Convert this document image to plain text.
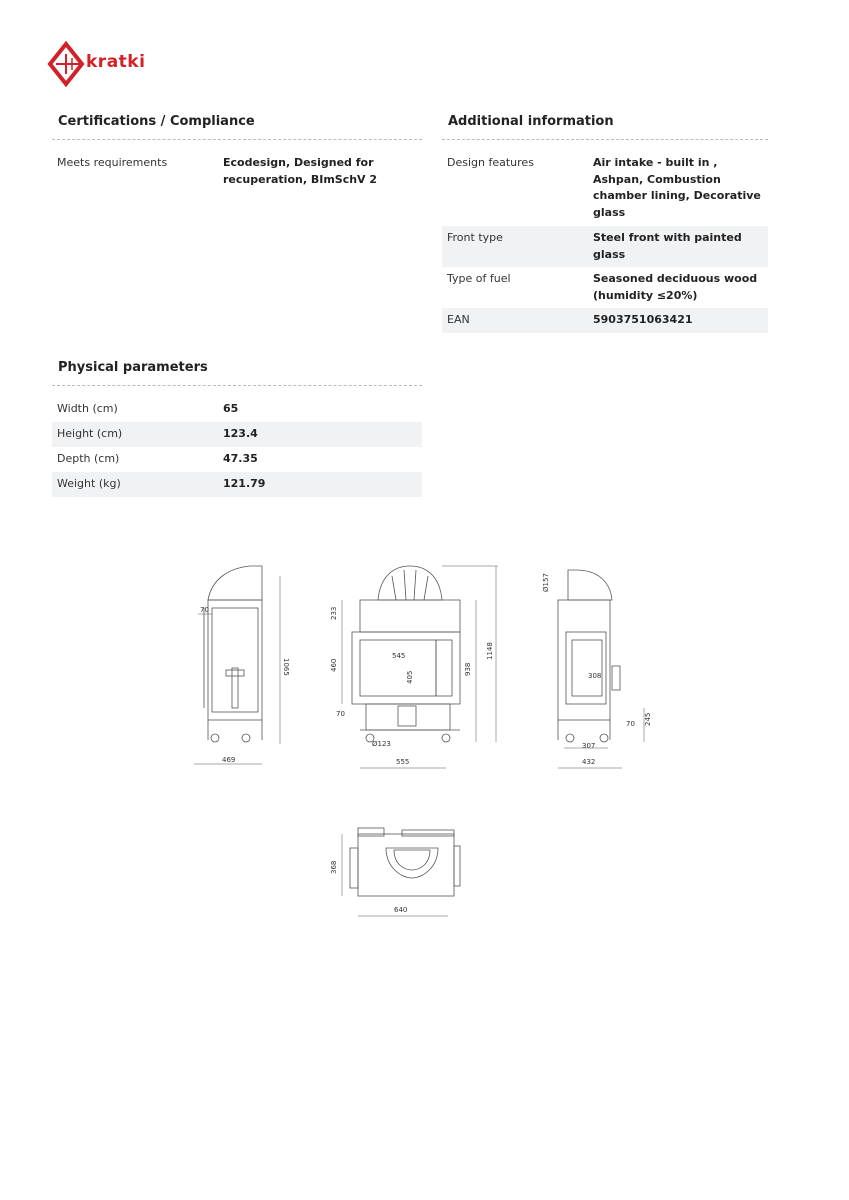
kratki
Certifications / Compliance
Meets requirements	Ecodesign, Designed for recuperation, BImSchV 2
Additional information
Design features	Air intake - built in , Ashpan, Combustion chamber lining, Decorative glass
Front type	Steel front with painted glass
Type of fuel	Seasoned deciduous wood (humidity ≤20%)
EAN	5903751063421
Physical parameters
Width (cm)	65
Height (cm)	123.4
Depth (cm)	47.35
Weight (kg)	121.79
70
1065
469
233
460
545
405
938
1148
70
Ø123
555
Ø157
308
245
70
307
432
368
640
